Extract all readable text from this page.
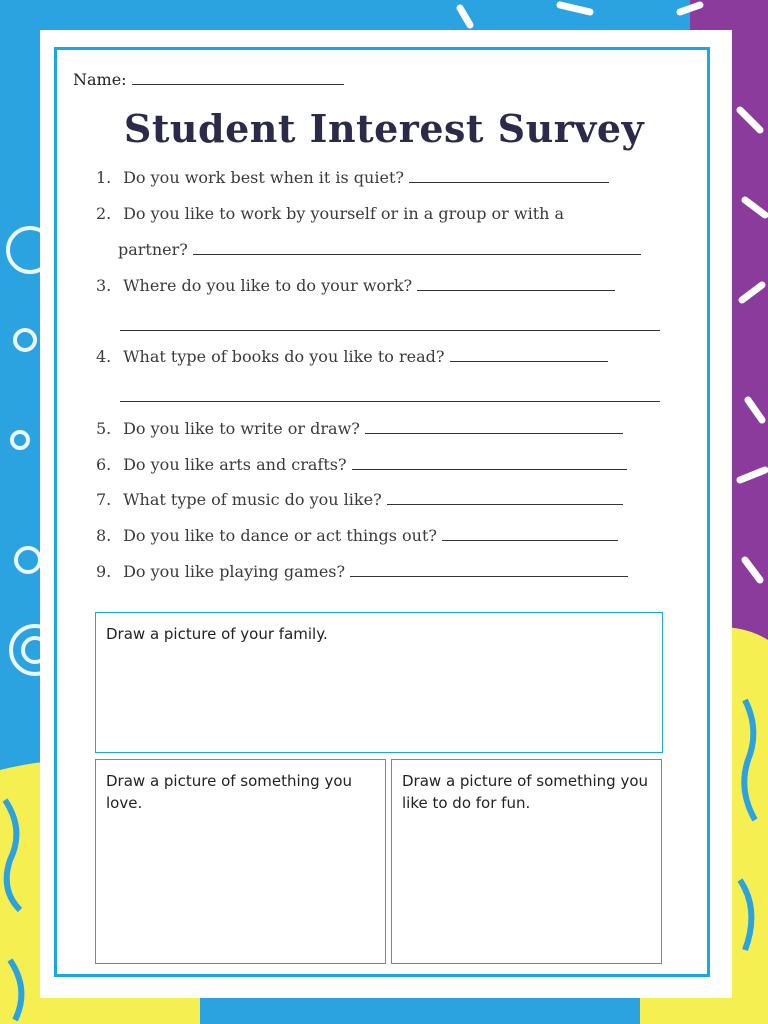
Name:
Student Interest Survey
1. Do you work best when it is quiet?
2. Do you like to work by yourself or in a group or with a
partner?
3. Where do you like to do your work?
4. What type of books do you like to read?
5. Do you like to write or draw?
6. Do you like arts and crafts?
7. What type of music do you like?
8. Do you like to dance or act things out?
9. Do you like playing games?
Draw a picture of your family.
Draw a picture of something you love.
Draw a picture of something you like to do for fun.
